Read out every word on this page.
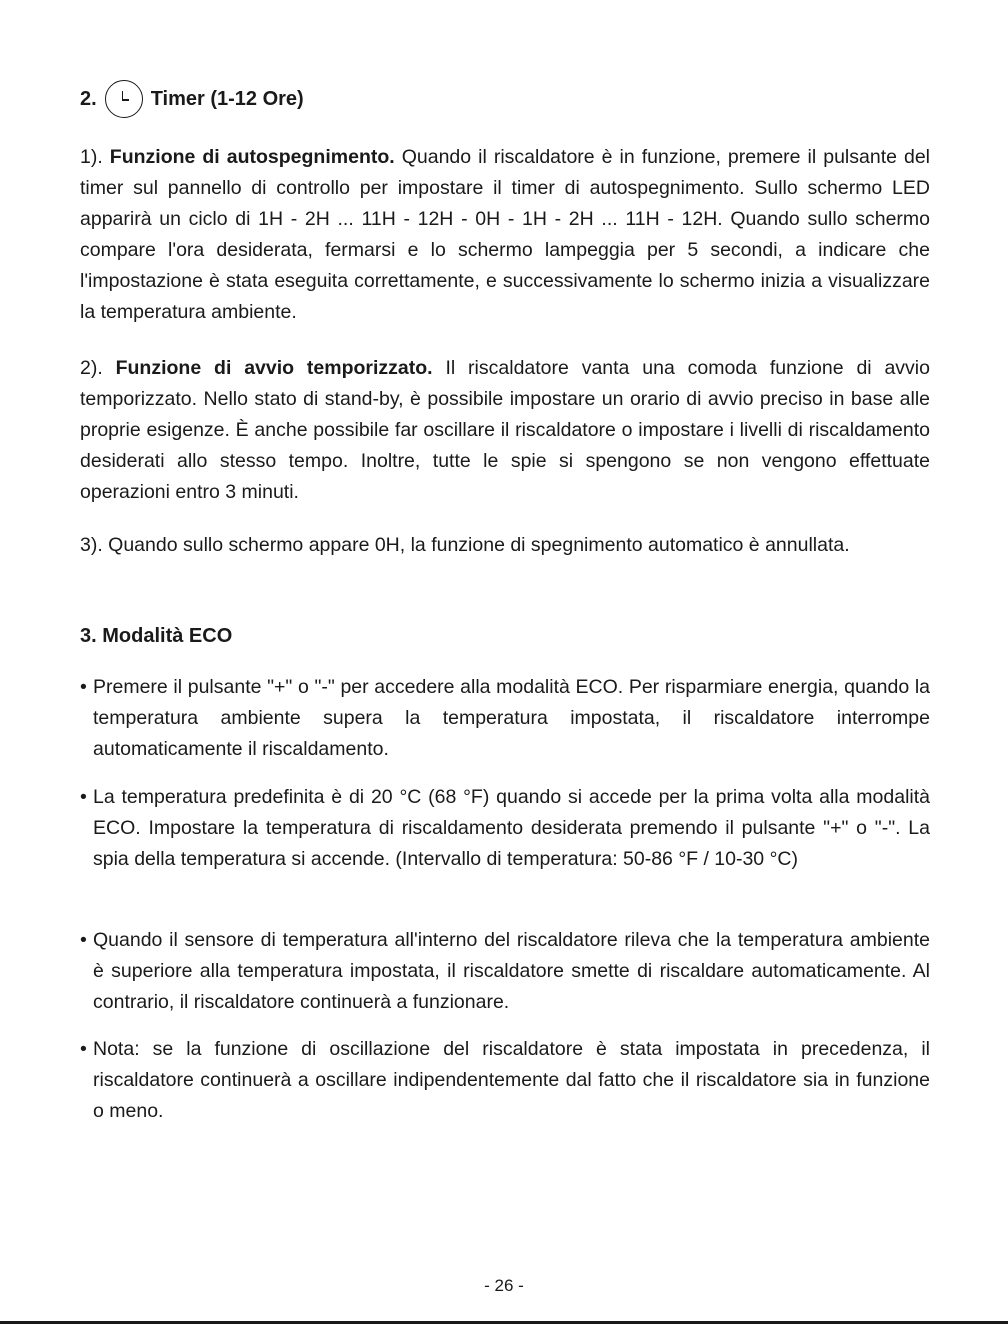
2.	Timer (1-12 Ore)
1). Funzione di autospegnimento. Quando il riscaldatore è in funzione, premere il pulsante del timer sul pannello di controllo per impostare il timer di autospegnimento. Sullo schermo LED apparirà un ciclo di 1H - 2H ... 11H - 12H - 0H - 1H - 2H ... 11H - 12H. Quando sullo schermo compare l'ora desiderata, fermarsi e lo schermo lampeggia per 5 secondi, a indicare che l'impostazione è stata eseguita correttamente, e successivamente lo schermo inizia a visualizzare la temperatura ambiente.
2). Funzione di avvio temporizzato. Il riscaldatore vanta una comoda funzione di avvio temporizzato. Nello stato di stand-by, è possibile impostare un orario di avvio preciso in base alle proprie esigenze. È anche possibile far oscillare il riscaldatore o impostare i livelli di riscaldamento desiderati allo stesso tempo. Inoltre, tutte le spie si spengono se non vengono effettuate operazioni entro 3 minuti.
3). Quando sullo schermo appare 0H, la funzione di spegnimento automatico è annullata.
3. Modalità ECO
• Premere il pulsante "+" o "-" per accedere alla modalità ECO. Per risparmiare energia, quando la temperatura ambiente supera la temperatura impostata, il riscaldatore interrompe automaticamente il riscaldamento.
• La temperatura predefinita è di 20 °C (68 °F) quando si accede per la prima volta alla modalità ECO. Impostare la temperatura di riscaldamento desiderata premendo il pulsante "+" o "-". La spia della temperatura si accende. (Intervallo di temperatura: 50-86 °F / 10-30 °C)
• Quando il sensore di temperatura all'interno del riscaldatore rileva che la temperatura ambiente è superiore alla temperatura impostata, il riscaldatore smette di riscaldare automaticamente. Al contrario, il riscaldatore continuerà a funzionare.
• Nota: se la funzione di oscillazione del riscaldatore è stata impostata in precedenza, il riscaldatore continuerà a oscillare indipendentemente dal fatto che il riscaldatore sia in funzione o meno.
- 26 -
